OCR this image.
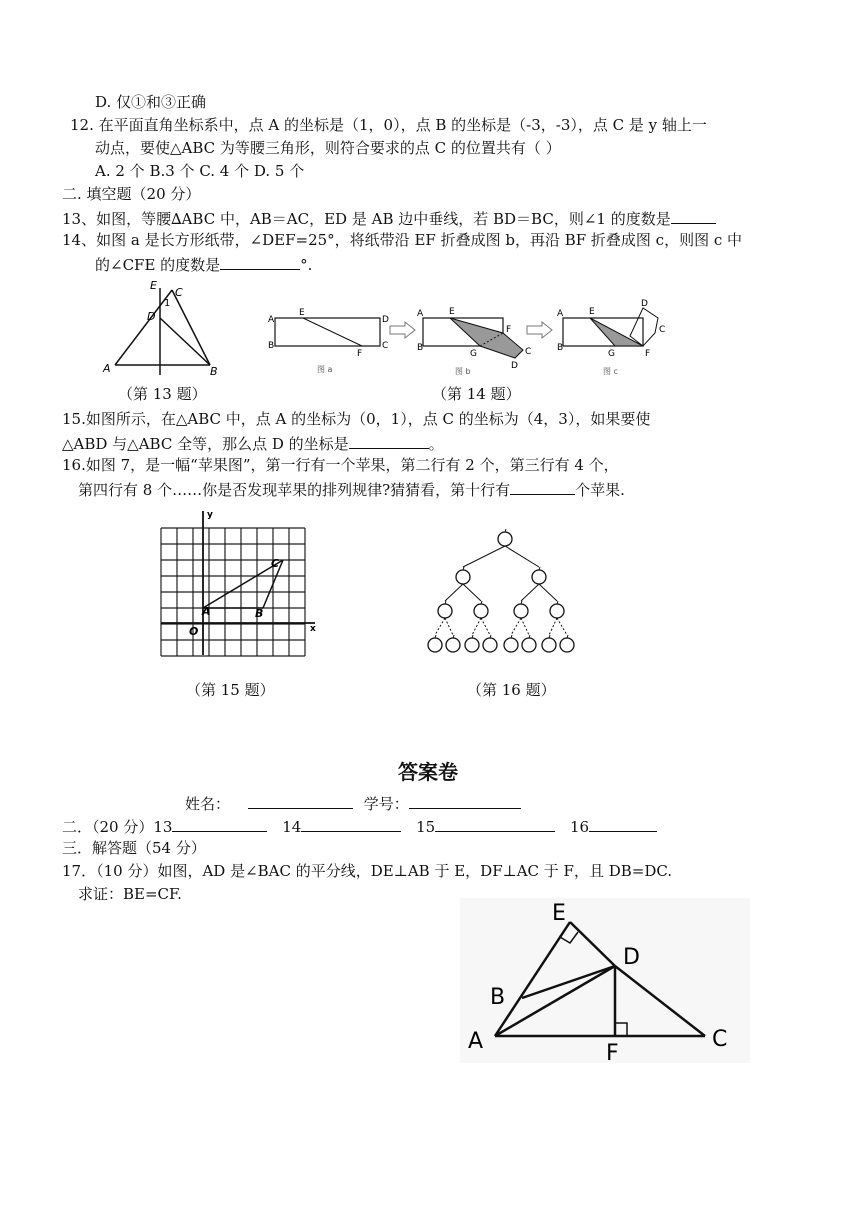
D. 仅①和③正确
12. 在平面直角坐标系中，点 A 的坐标是（1，0），点 B 的坐标是（-3，-3），点 C 是 y 轴上一
动点，要使△ABC 为等腰三角形，则符合要求的点 C 的位置共有（ ）
A. 2 个 B.3 个 C. 4 个 D. 5 个
二. 填空题（20 分）
13、如图，等腰∆ABC 中，AB＝AC，ED 是 AB 边中垂线，若 BD＝BC，则∠1 的度数是
14、如图 a 是长方形纸带，∠DEF=25°，将纸带沿 EF 折叠成图 b，再沿 BF 折叠成图 c，则图 c 中
的∠CFE 的度数是	°.
E
C
1
D
A	B
A
E
D
B
F
C
图 a
A	E
F
B
G	C
D
图 b
A	E
D
C
B
G	F
图 c
（第 13 题）	（第 14 题）
15.如图所示，在△ABC 中，点 A 的坐标为（0，1），点 C 的坐标为（4，3），如果要使
△ABD 与△ABC 全等，那么点 D 的坐标是	。
16.如图 7，是一幅“苹果图”，第一行有一个苹果，第二行有 2 个，第三行有 4 个，
第四行有 8 个……你是否发现苹果的排列规律?猜猜看，第十行有	个苹果.
y
C
A	B
O	x
（第 15 题）	（第 16 题）
答案卷
姓名：	学号：
二．（20 分）13	14	15	16
三．解答题（54 分）
17．（10 分）如图，AD 是∠BAC 的平分线，DE⊥AB 于 E，DF⊥AC 于 F，且 DB=DC.
求证：BE=CF.
E
D
B
A	F
C
